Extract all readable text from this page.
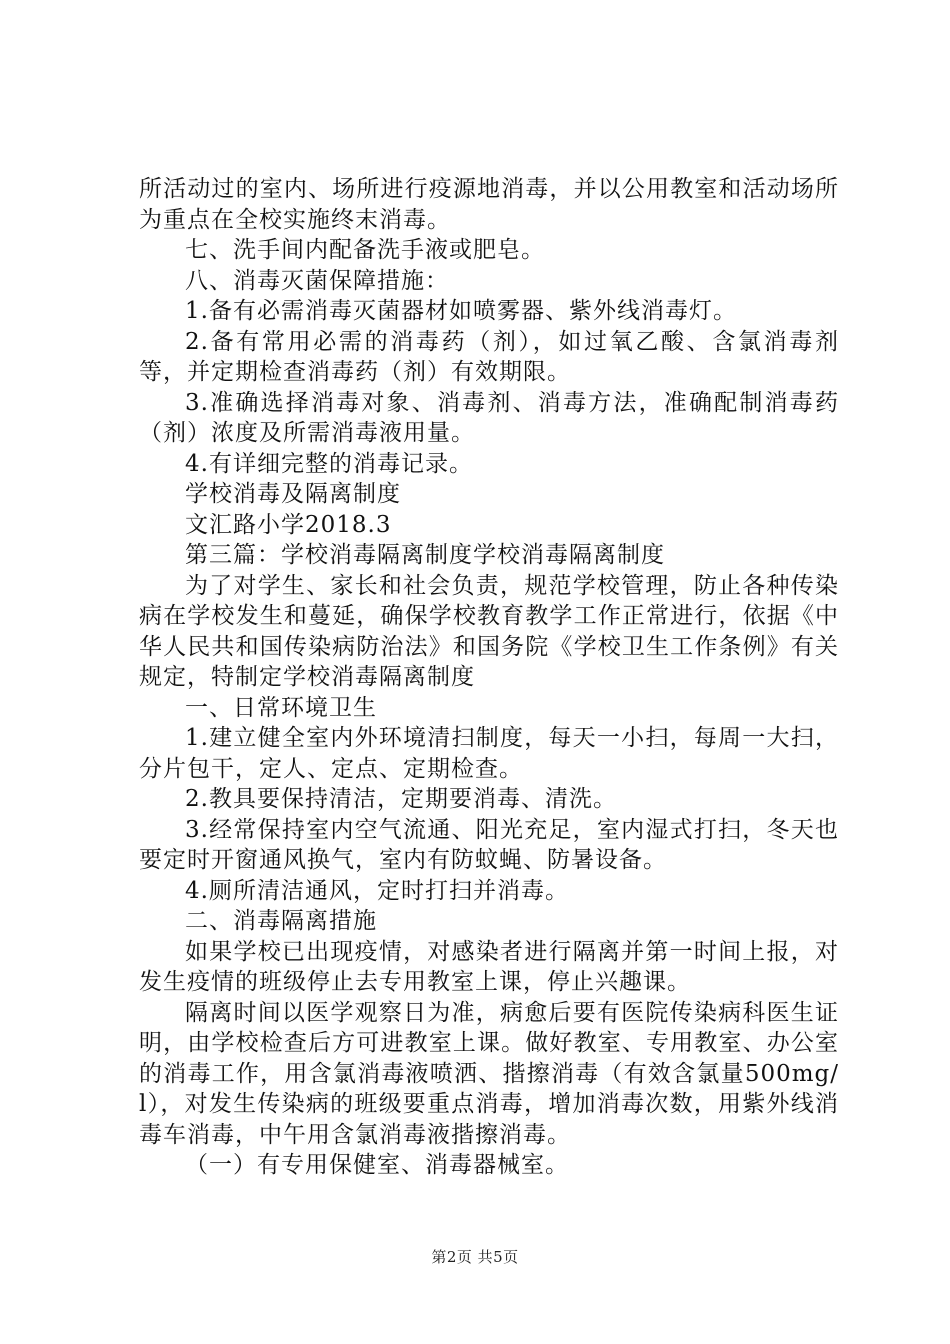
所活动过的室内、场所进行疫源地消毒，并以公用教室和活动场所为重点在全校实施终末消毒。

七、洗手间内配备洗手液或肥皂。

八、消毒灭菌保障措施：

1.备有必需消毒灭菌器材如喷雾器、紫外线消毒灯。

2.备有常用必需的消毒药（剂），如过氧乙酸、含氯消毒剂等，并定期检查消毒药（剂）有效期限。

3.准确选择消毒对象、消毒剂、消毒方法，准确配制消毒药（剂）浓度及所需消毒液用量。

4.有详细完整的消毒记录。

学校消毒及隔离制度

文汇路小学2018.3

第三篇：学校消毒隔离制度学校消毒隔离制度

为了对学生、家长和社会负责，规范学校管理，防止各种传染病在学校发生和蔓延，确保学校教育教学工作正常进行，依据《中华人民共和国传染病防治法》和国务院《学校卫生工作条例》有关规定，特制定学校消毒隔离制度

一、日常环境卫生

1.建立健全室内外环境清扫制度，每天一小扫，每周一大扫，分片包干，定人、定点、定期检查。

2.教具要保持清洁，定期要消毒、清洗。

3.经常保持室内空气流通、阳光充足，室内湿式打扫，冬天也要定时开窗通风换气，室内有防蚊蝇、防暑设备。

4.厕所清洁通风，定时打扫并消毒。

二、消毒隔离措施

如果学校已出现疫情，对感染者进行隔离并第一时间上报，对发生疫情的班级停止去专用教室上课，停止兴趣课。

隔离时间以医学观察日为准，病愈后要有医院传染病科医生证明，由学校检查后方可进教室上课。做好教室、专用教室、办公室的消毒工作，用含氯消毒液喷洒、揩擦消毒（有效含氯量500mg/l），对发生传染病的班级要重点消毒，增加消毒次数，用紫外线消毒车消毒，中午用含氯消毒液揩擦消毒。

（一）有专用保健室、消毒器械室。

第2页 共5页
